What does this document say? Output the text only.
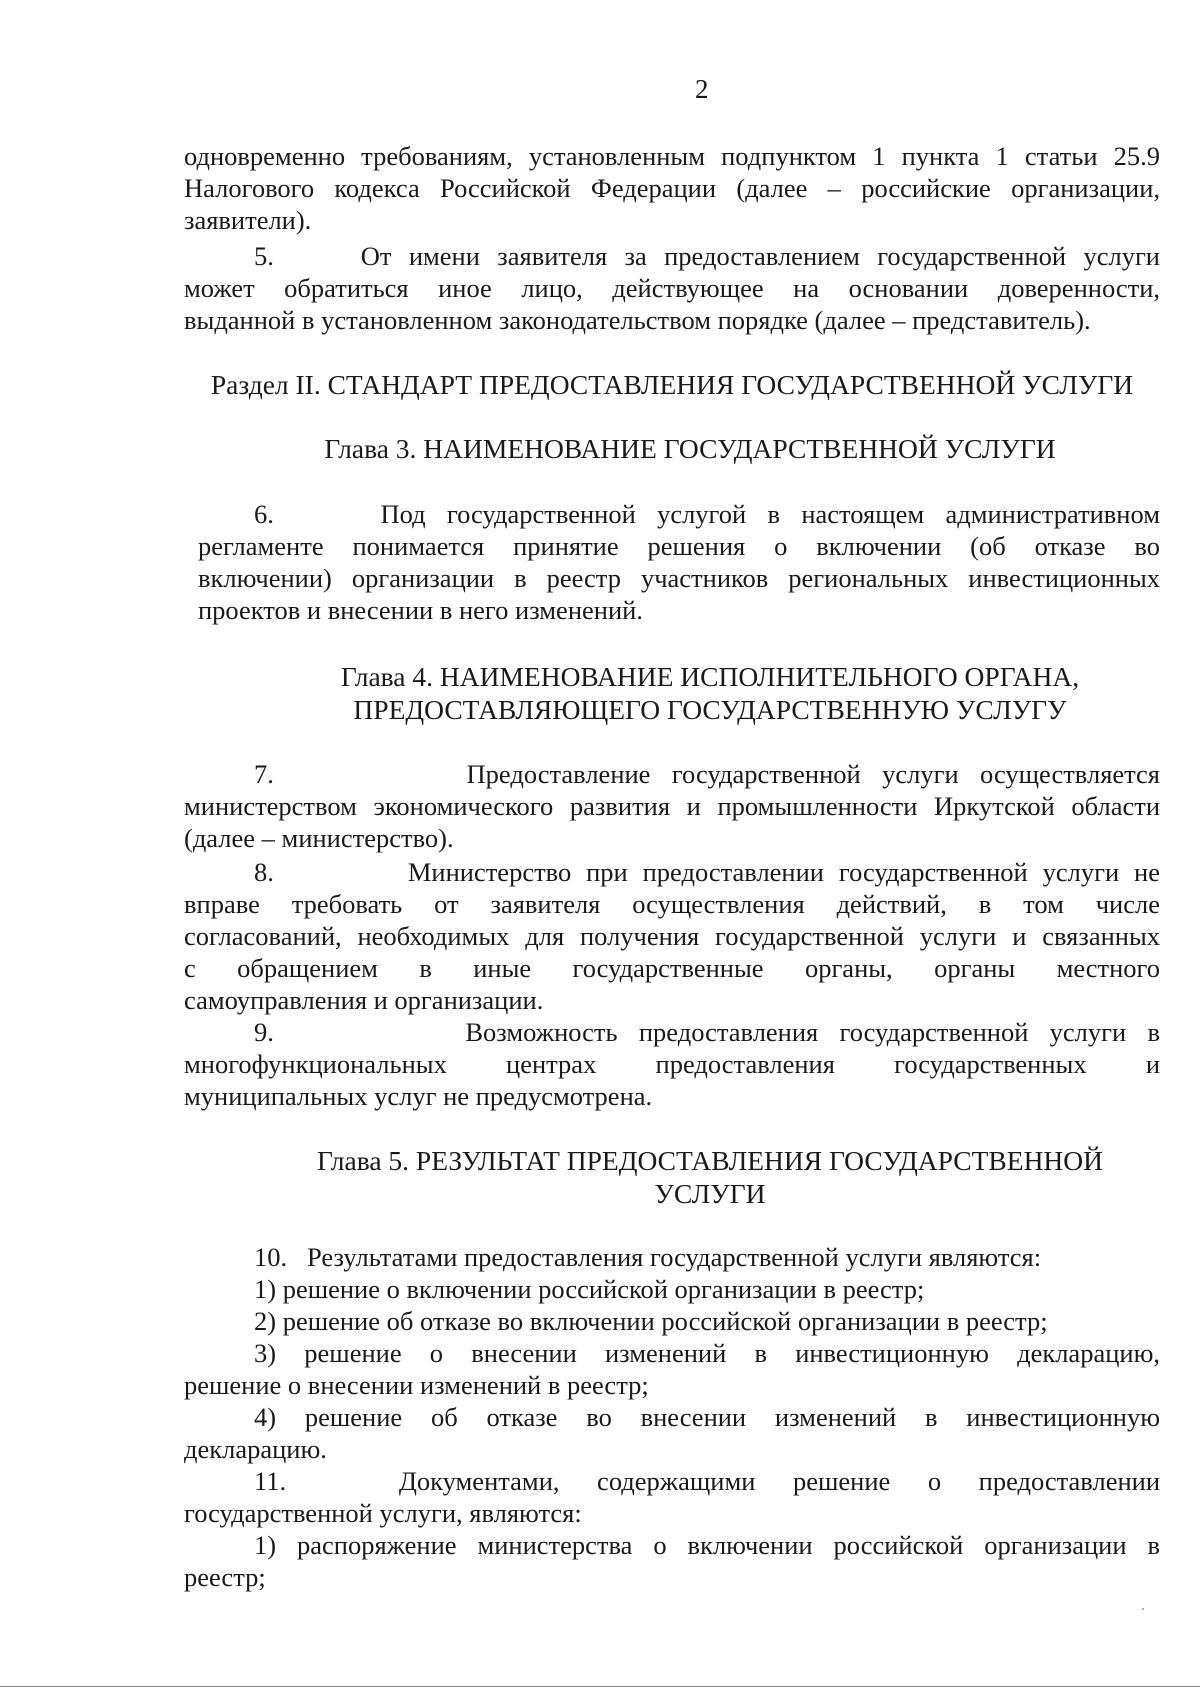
2
одновременно требованиям, установленным подпунктом 1 пункта 1 статьи 25.9
Налогового кодекса Российской Федерации (далее – российские организации,
заявители).
5.     От имени заявителя за предоставлением государственной услуги
может обратиться иное лицо, действующее на основании доверенности,
выданной в установленном законодательством порядке (далее – представитель).
Раздел II. СТАНДАРТ ПРЕДОСТАВЛЕНИЯ ГОСУДАРСТВЕННОЙ УСЛУГИ
Глава 3. НАИМЕНОВАНИЕ ГОСУДАРСТВЕННОЙ УСЛУГИ
6.     Под государственной услугой в настоящем административном
регламенте понимается принятие решения о включении (об отказе во
включении) организации в реестр участников региональных инвестиционных
проектов и внесении в него изменений.
Глава 4. НАИМЕНОВАНИЕ ИСПОЛНИТЕЛЬНОГО ОРГАНА,
ПРЕДОСТАВЛЯЮЩЕГО ГОСУДАРСТВЕННУЮ УСЛУГУ
7.         Предоставление государственной услуги осуществляется
министерством экономического развития и промышленности Иркутской области
(далее – министерство).
8.         Министерство при предоставлении государственной услуги не
вправе требовать от заявителя осуществления действий, в том числе
согласований, необходимых для получения государственной услуги и связанных
с обращением в иные государственные органы, органы местного
самоуправления и организации.
9.         Возможность предоставления государственной услуги в
многофункциональных центрах предоставления государственных и
муниципальных услуг не предусмотрена.
Глава 5. РЕЗУЛЬТАТ ПРЕДОСТАВЛЕНИЯ ГОСУДАРСТВЕННОЙ
УСЛУГИ
10.   Результатами предоставления государственной услуги являются:
1) решение о включении российской организации в реестр;
2) решение об отказе во включении российской организации в реестр;
3) решение о внесении изменений в инвестиционную декларацию,
решение о внесении изменений в реестр;
4) решение об отказе во внесении изменений в инвестиционную
декларацию.
11.   Документами, содержащими решение о предоставлении
государственной услуги, являются:
1) распоряжение министерства о включении российской организации в
реестр;
